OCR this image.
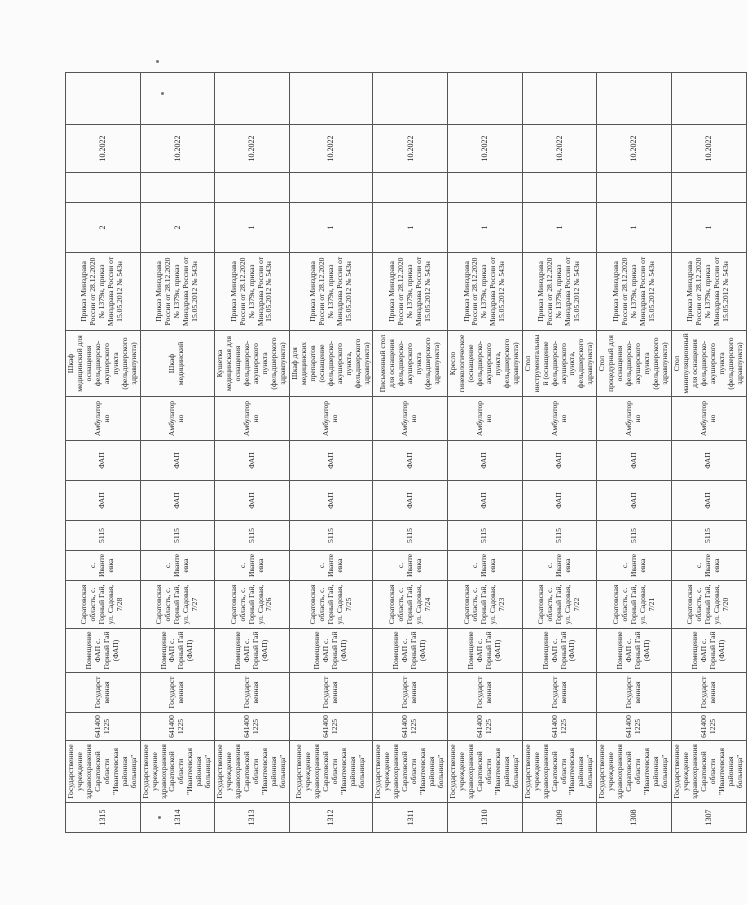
1315	Государственное учреждение здравоохранения Саратовской области "Ивантеевская районная больница"	6414001225	Государственная	Помещение ФАП с. Горный Гай (ФАП)	Саратовская область, с. Горный Гай, ул. Садовая, 7/28	с. Ивантеевка	5115	ФАП	ФАП	Амбулаторно	Шкаф медицинский для оснащения фельдшерско-акушерского пункта (фельдшерского здравпункта)	Приказ Минздрава России от 28.12.2020 № 1379н, приказ Минздрава России от 15.05.2012 № 543н	2		10.2022	
1314	Государственное учреждение здравоохранения Саратовской области "Ивантеевская районная больница"	6414001225	Государственная	Помещение ФАП с. Горный Гай (ФАП)	Саратовская область, с. Горный Гай, ул. Садовая, 7/27	с. Ивантеевка	5115	ФАП	ФАП	Амбулаторно	Шкаф медицинский	Приказ Минздрава России от 28.12.2020 № 1379н, приказ Минздрава России от 15.05.2012 № 543н	2		10.2022	
1313	Государственное учреждение здравоохранения Саратовской области "Ивантеевская районная больница"	6414001225	Государственная	Помещение ФАП с. Горный Гай (ФАП)	Саратовская область, с. Горный Гай, ул. Садовая, 7/26	с. Ивантеевка	5115	ФАП	ФАП	Амбулаторно	Кушетка медицинская для оснащения фельдшерско-акушерского пункта (фельдшерского здравпункта)	Приказ Минздрава России от 28.12.2020 № 1379н, приказ Минздрава России от 15.05.2012 № 543н	1		10.2022	
1312	Государственное учреждение здравоохранения Саратовской области "Ивантеевская районная больница"	6414001225	Государственная	Помещение ФАП с. Горный Гай (ФАП)	Саратовская область, с. Горный Гай, ул. Садовая, 7/25	с. Ивантеевка	5115	ФАП	ФАП	Амбулаторно	Шкаф для медицинских препаратов (оснащение фельдшерско-акушерского пункта, фельдшерского здравпункта)	Приказ Минздрава России от 28.12.2020 № 1379н, приказ Минздрава России от 15.05.2012 № 543н	1		10.2022	
1311	Государственное учреждение здравоохранения Саратовской области "Ивантеевская районная больница"	6414001225	Государственная	Помещение ФАП с. Горный Гай (ФАП)	Саратовская область, с. Горный Гай, ул. Садовая, 7/24	с. Ивантеевка	5115	ФАП	ФАП	Амбулаторно	Письменный стол для оснащения фельдшерско-акушерского пункта (фельдшерского здравпункта)	Приказ Минздрава России от 28.12.2020 № 1379н, приказ Минздрава России от 15.05.2012 № 543н	1		10.2022	
1310	Государственное учреждение здравоохранения Саратовской области "Ивантеевская районная больница"	6414001225	Государственная	Помещение ФАП с. Горный Гай (ФАП)	Саратовская область, с. Горный Гай, ул. Садовая, 7/23	с. Ивантеевка	5115	ФАП	ФАП	Амбулаторно	Кресло гинекологическое (оснащение фельдшерско-акушерского пункта, фельдшерского здравпункта)	Приказ Минздрава России от 28.12.2020 № 1379н, приказ Минздрава России от 15.05.2012 № 543н	1		10.2022	
1309	Государственное учреждение здравоохранения Саратовской области "Ивантеевская районная больница"	6414001225	Государственная	Помещение ФАП с. Горный Гай (ФАП)	Саратовская область, с. Горный Гай, ул. Садовая, 7/22	с. Ивантеевка	5115	ФАП	ФАП	Амбулаторно	Стол инструментальный (оснащение фельдшерско-акушерского пункта, фельдшерского здравпункта)	Приказ Минздрава России от 28.12.2020 № 1379н, приказ Минздрава России от 15.05.2012 № 543н	1		10.2022	
1308	Государственное учреждение здравоохранения Саратовской области "Ивантеевская районная больница"	6414001225	Государственная	Помещение ФАП с. Горный Гай (ФАП)	Саратовская область, с. Горный Гай, ул. Садовая, 7/21	с. Ивантеевка	5115	ФАП	ФАП	Амбулаторно	Стол процедурный для оснащения фельдшерско-акушерского пункта (фельдшерского здравпункта)	Приказ Минздрава России от 28.12.2020 № 1379н, приказ Минздрава России от 15.05.2012 № 543н	1		10.2022	
1307	Государственное учреждение здравоохранения Саратовской области "Ивантеевская районная больница"	6414001225	Государственная	Помещение ФАП с. Горный Гай (ФАП)	Саратовская область, с. Горный Гай, ул. Садовая, 7/20	с. Ивантеевка	5115	ФАП	ФАП	Амбулаторно	Стол манипуляционный для оснащения фельдшерско-акушерского пункта (фельдшерского здравпункта)	Приказ Минздрава России от 28.12.2020 № 1379н, приказ Минздрава России от 15.05.2012 № 543н	1		10.2022	
